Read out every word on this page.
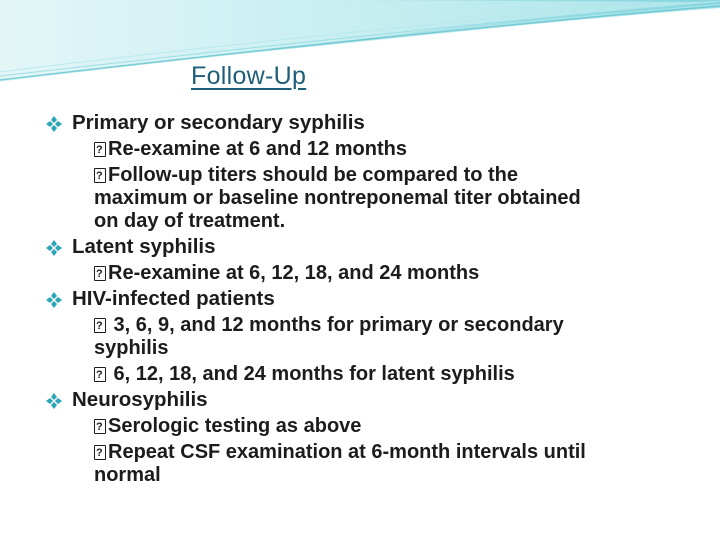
Follow-Up
Primary or secondary syphilis
?Re-examine at 6 and 12 months
?Follow-up titers should be compared to the
maximum or baseline nontreponemal titer obtained
on day of treatment.
Latent syphilis
?Re-examine at 6, 12, 18, and 24 months
HIV-infected patients
? 3, 6, 9, and 12 months for primary or secondary
syphilis
? 6, 12, 18, and 24 months for latent syphilis
Neurosyphilis
?Serologic testing as above
?Repeat CSF examination at 6-month intervals until
normal
